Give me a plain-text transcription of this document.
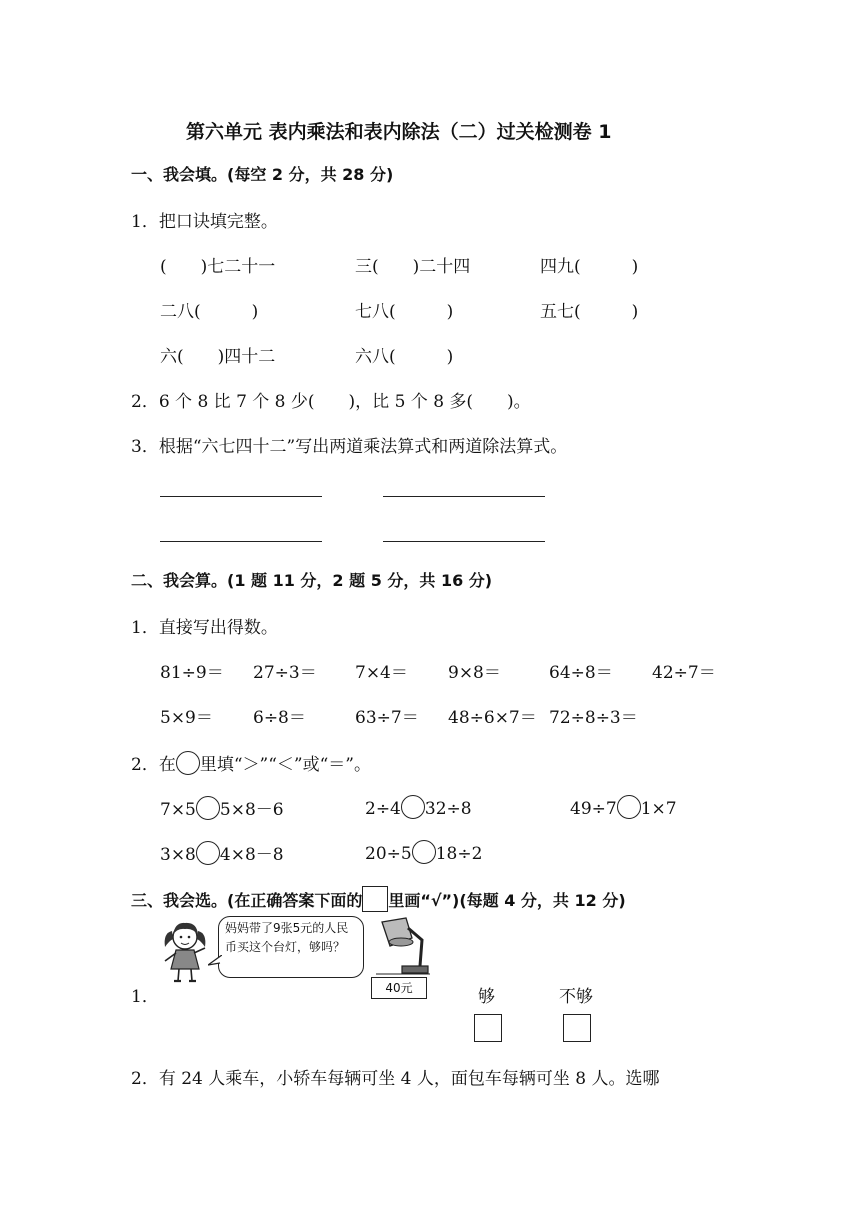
第六单元 表内乘法和表内除法（二）过关检测卷 1
一、我会填。(每空 2 分，共 28 分)
1．把口诀填完整。
(　　)七二十一	三(　　)二十四	四九(　　　)
二八(　　　)	七八(　　　)	五七(　　　)
六(　　)四十二	六八(　　　)
2．6 个 8 比 7 个 8 少(　　)，比 5 个 8 多(　　)。
3．根据“六七四十二”写出两道乘法算式和两道除法算式。
二、我会算。(1 题 11 分，2 题 5 分，共 16 分)
1．直接写出得数。
81÷9＝ 27÷3＝ 7×4＝ 9×8＝	64÷8＝ 42÷7＝
5×9＝ 6÷8＝	63÷7＝ 48÷6×7＝ 72÷8÷3＝
2．在 里填“＞”“＜”或“＝”。
7×5 5×8－6	2÷4 32÷8	49÷7 1×7
3×8 4×8－8	20÷5 18÷2
三、我会选。(在正确答案下面的 里画“√”)(每题 4 分，共 12 分)
妈妈带了9张5元的人民币买这个台灯，够吗？
40元
1．	够	不够
2．有 24 人乘车，小轿车每辆可坐 4 人，面包车每辆可坐 8 人。选哪
